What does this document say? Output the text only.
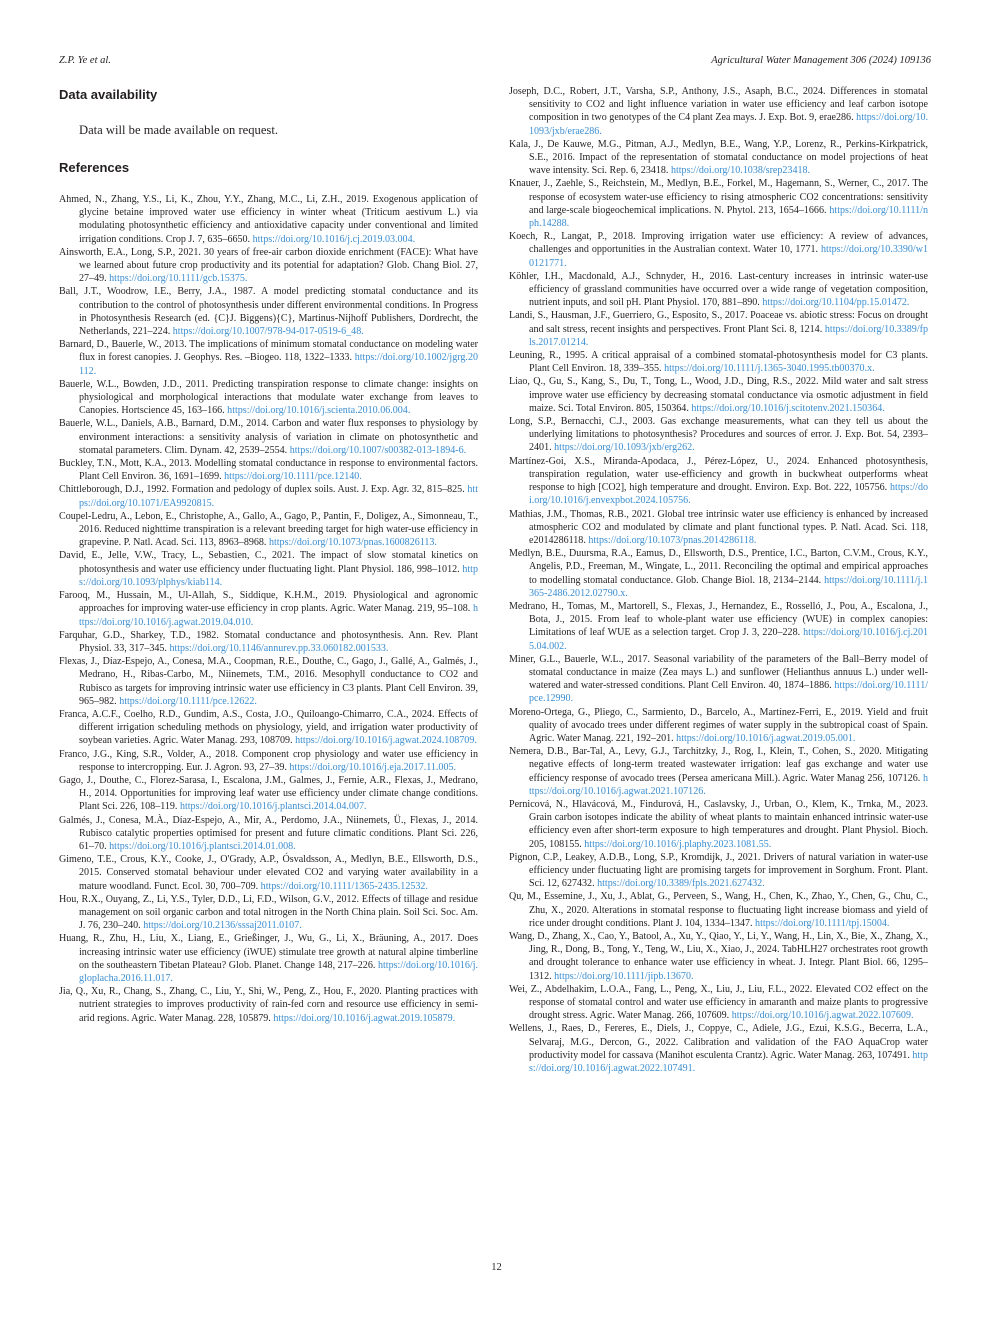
Z.P. Ye et al.	Agricultural Water Management 306 (2024) 109136
Data availability
Data will be made available on request.
References

Ahmed, N., Zhang, Y.S., Li, K., Zhou, Y.Y., Zhang, M.C., Li, Z.H., 2019. Exogenous application of glycine betaine improved water use efficiency in winter wheat (Triticum aestivum L.) via modulating photosynthetic efficiency and antioxidative capacity under conventional and limited irrigation conditions. Crop J. 7, 635–6650. https://doi.org/10.1016/j.cj.2019.03.004.

Ainsworth, E.A., Long, S.P., 2021. 30 years of free-air carbon dioxide enrichment (FACE): What have we learned about future crop productivity and its potential for adaptation? Glob. Chang Biol. 27, 27–49. https://doi.org/10.1111/gcb.15375.

Ball, J.T., Woodrow, I.E., Berry, J.A., 1987. A model predicting stomatal conductance and its contribution to the control of photosynthesis under different environmental conditions. In Progress in Photosynthesis Research (ed. {C}J. Biggens){C}, Martinus-Nijhoff Publishers, Dordrecht, the Netherlands, 221–224. https://doi.org/10.1007/978-94-017-0519-6_48.

Barnard, D., Bauerle, W., 2013. The implications of minimum stomatal conductance on modeling water flux in forest canopies. J. Geophys. Res. –Biogeo. 118, 1322–1333. https://doi.org/10.1002/jgrg.20112.

Bauerle, W.L., Bowden, J.D., 2011. Predicting transpiration response to climate change: insights on physiological and morphological interactions that modulate water exchange from leaves to Canopies. Hortscience 45, 163–166. https://doi.org/10.1016/j.scienta.2010.06.004.

Bauerle, W.L., Daniels, A.B., Barnard, D.M., 2014. Carbon and water flux responses to physiology by environment interactions: a sensitivity analysis of variation in climate on photosynthetic and stomatal parameters. Clim. Dynam. 42, 2539–2554. https://doi.org/10.1007/s00382-013-1894-6.

Buckley, T.N., Mott, K.A., 2013. Modelling stomatal conductance in response to environmental factors. Plant Cell Environ. 36, 1691–1699. https://doi.org/10.1111/pce.12140.

Chittleborough, D.J., 1992. Formation and pedology of duplex soils. Aust. J. Exp. Agr. 32, 815–825. https://doi.org/10.1071/EA9920815.

Coupel-Ledru, A., Lebon, E., Christophe, A., Gallo, A., Gago, P., Pantin, F., Doligez, A., Simonneau, T., 2016. Reduced nighttime transpiration is a relevant breeding target for high water-use efficiency in grapevine. P. Natl. Acad. Sci. 113, 8963–8968. https://doi.org/10.1073/pnas.1600826113.

David, E., Jelle, V.W., Tracy, L., Sebastien, C., 2021. The impact of slow stomatal kinetics on photosynthesis and water use efficiency under fluctuating light. Plant Physiol. 186, 998–1012. https://doi.org/10.1093/plphys/kiab114.

Farooq, M., Hussain, M., Ul-Allah, S., Siddique, K.H.M., 2019. Physiological and agronomic approaches for improving water-use efficiency in crop plants. Agric. Water Manag. 219, 95–108. https://doi.org/10.1016/j.agwat.2019.04.010.

Farquhar, G.D., Sharkey, T.D., 1982. Stomatal conductance and photosynthesis. Ann. Rev. Plant Physiol. 33, 317–345. https://doi.org/10.1146/annurev.pp.33.060182.001533.

Flexas, J., Díaz-Espejo, A., Conesa, M.A., Coopman, R.E., Douthe, C., Gago, J., Gallé, A., Galmés, J., Medrano, H., Ribas-Carbo, M., Niinemets, T.M., 2016. Mesophyll conductance to CO2 and Rubisco as targets for improving intrinsic water use efficiency in C3 plants. Plant Cell Environ. 39, 965–982. https://doi.org/10.1111/pce.12622.

Franca, A.C.F., Coelho, R.D., Gundim, A.S., Costa, J.O., Quiloango-Chimarro, C.A., 2024. Effects of different irrigation scheduling methods on physiology, yield, and irrigation water productivity of soybean varieties. Agric. Water Manag. 293, 108709. https://doi.org/10.1016/j.agwat.2024.108709.

Franco, J.G., King, S.R., Volder, A., 2018. Component crop physiology and water use efficiency in response to intercropping. Eur. J. Agron. 93, 27–39. https://doi.org/10.1016/j.eja.2017.11.005.

Gago, J., Douthe, C., Florez-Sarasa, I., Escalona, J.M., Galmes, J., Fernie, A.R., Flexas, J., Medrano, H., 2014. Opportunities for improving leaf water use efficiency under climate change conditions. Plant Sci. 226, 108–119. https://doi.org/10.1016/j.plantsci.2014.04.007.

Galmés, J., Conesa, M.À., Díaz-Espejo, A., Mir, A., Perdomo, J.A., Niinemets, Ü., Flexas, J., 2014. Rubisco catalytic properties optimised for present and future climatic conditions. Plant Sci. 226, 61–70. https://doi.org/10.1016/j.plantsci.2014.01.008.

Gimeno, T.E., Crous, K.Y., Cooke, J., O'Grady, A.P., Ósvaldsson, A., Medlyn, B.E., Ellsworth, D.S., 2015. Conserved stomatal behaviour under elevated CO2 and varying water availability in a mature woodland. Funct. Ecol. 30, 700–709. https://doi.org/10.1111/1365-2435.12532.

Hou, R.X., Ouyang, Z., Li, Y.S., Tyler, D.D., Li, F.D., Wilson, G.V., 2012. Effects of tillage and residue management on soil organic carbon and total nitrogen in the North China plain. Soil Sci. Soc. Am. J. 76, 230–240. https://doi.org/10.2136/sssaj2011.0107.

Huang, R., Zhu, H., Liu, X., Liang, E., Grießinger, J., Wu, G., Li, X., Bräuning, A., 2017. Does increasing intrinsic water use efficiency (iWUE) stimulate tree growth at natural alpine timberline on the southeastern Tibetan Plateau? Glob. Planet. Change 148, 217–226. https://doi.org/10.1016/j.gloplacha.2016.11.017.

Jia, Q., Xu, R., Chang, S., Zhang, C., Liu, Y., Shi, W., Peng, Z., Hou, F., 2020. Planting practices with nutrient strategies to improves productivity of rain-fed corn and resource use efficiency in semi-arid regions. Agric. Water Manag. 228, 105879. https://doi.org/10.1016/j.agwat.2019.105879.

Joseph, D.C., Robert, J.T., Varsha, S.P., Anthony, J.S., Asaph, B.C., 2024. Differences in stomatal sensitivity to CO2 and light influence variation in water use efficiency and leaf carbon isotope composition in two genotypes of the C4 plant Zea mays. J. Exp. Bot. 9, erae286. https://doi.org/10.1093/jxb/erae286.

Kala, J., De Kauwe, M.G., Pitman, A.J., Medlyn, B.E., Wang, Y.P., Lorenz, R., Perkins-Kirkpatrick, S.E., 2016. Impact of the representation of stomatal conductance on model projections of heat wave intensity. Sci. Rep. 6, 23418. https://doi.org/10.1038/srep23418.

Knauer, J., Zaehle, S., Reichstein, M., Medlyn, B.E., Forkel, M., Hagemann, S., Werner, C., 2017. The response of ecosystem water-use efficiency to rising atmospheric CO2 concentrations: sensitivity and large-scale biogeochemical implications. N. Phytol. 213, 1654–1666. https://doi.org/10.1111/nph.14288.

Koech, R., Langat, P., 2018. Improving irrigation water use efficiency: A review of advances, challenges and opportunities in the Australian context. Water 10, 1771. https://doi.org/10.3390/w10121771.

Köhler, I.H., Macdonald, A.J., Schnyder, H., 2016. Last-century increases in intrinsic water-use efficiency of grassland communities have occurred over a wide range of vegetation composition, nutrient inputs, and soil pH. Plant Physiol. 170, 881–890. https://doi.org/10.1104/pp.15.01472.

Landi, S., Hausman, J.F., Guerriero, G., Esposito, S., 2017. Poaceae vs. abiotic stress: Focus on drought and salt stress, recent insights and perspectives. Front Plant Sci. 8, 1214. https://doi.org/10.3389/fpls.2017.01214.

Leuning, R., 1995. A critical appraisal of a combined stomatal-photosynthesis model for C3 plants. Plant Cell Environ. 18, 339–355. https://doi.org/10.1111/j.1365-3040.1995.tb00370.x.

Liao, Q., Gu, S., Kang, S., Du, T., Tong, L., Wood, J.D., Ding, R.S., 2022. Mild water and salt stress improve water use efficiency by decreasing stomatal conductance via osmotic adjustment in field maize. Sci. Total Environ. 805, 150364. https://doi.org/10.1016/j.scitotenv.2021.150364.

Long, S.P., Bernacchi, C.J., 2003. Gas exchange measurements, what can they tell us about the underlying limitations to photosynthesis? Procedures and sources of error. J. Exp. Bot. 54, 2393–2401. https://doi.org/10.1093/jxb/erg262.

Martínez-Goi, X.S., Miranda-Apodaca, J., Pérez-López, U., 2024. Enhanced photosynthesis, transpiration regulation, water use-efficiency and growth in buckwheat outperforms wheat response to high [CO2], high temperature and drought. Environ. Exp. Bot. 222, 105756. https://doi.org/10.1016/j.envexpbot.2024.105756.

Mathias, J.M., Thomas, R.B., 2021. Global tree intrinsic water use efficiency is enhanced by increased atmospheric CO2 and modulated by climate and plant functional types. P. Natl. Acad. Sci. 118, e2014286118. https://doi.org/10.1073/pnas.2014286118.

Medlyn, B.E., Duursma, R.A., Eamus, D., Ellsworth, D.S., Prentice, I.C., Barton, C.V.M., Crous, K.Y., Angelis, P.D., Freeman, M., Wingate, L., 2011. Reconciling the optimal and empirical approaches to modelling stomatal conductance. Glob. Change Biol. 18, 2134–2144. https://doi.org/10.1111/j.1365-2486.2012.02790.x.

Medrano, H., Tomas, M., Martorell, S., Flexas, J., Hernandez, E., Rosselló, J., Pou, A., Escalona, J., Bota, J., 2015. From leaf to whole-plant water use efficiency (WUE) in complex canopies: Limitations of leaf WUE as a selection target. Crop J. 3, 220–228. https://doi.org/10.1016/j.cj.2015.04.002.

Miner, G.L., Bauerle, W.L., 2017. Seasonal variability of the parameters of the Ball–Berry model of stomatal conductance in maize (Zea mays L.) and sunflower (Helianthus annuus L.) under well-watered and water-stressed conditions. Plant Cell Environ. 40, 1874–1886. https://doi.org/10.1111/pce.12990.

Moreno-Ortega, G., Pliego, C., Sarmiento, D., Barcelo, A., Martínez-Ferri, E., 2019. Yield and fruit quality of avocado trees under different regimes of water supply in the subtropical coast of Spain. Agric. Water Manag. 221, 192–201. https://doi.org/10.1016/j.agwat.2019.05.001.

Nemera, D.B., Bar-Tal, A., Levy, G.J., Tarchitzky, J., Rog, I., Klein, T., Cohen, S., 2020. Mitigating negative effects of long-term treated wastewater irrigation: leaf gas exchange and water use efficiency response of avocado trees (Persea americana Mill.). Agric. Water Manag 256, 107126. https://doi.org/10.1016/j.agwat.2021.107126.

Pernicová, N., Hlavácová, M., Findurová, H., Caslavsky, J., Urban, O., Klem, K., Trnka, M., 2023. Grain carbon isotopes indicate the ability of wheat plants to maintain enhanced intrinsic water-use efficiency even after short-term exposure to high temperatures and drought. Plant Physiol. Bioch. 205, 108155. https://doi.org/10.1016/j.plaphy.2023.1081.55.

Pignon, C.P., Leakey, A.D.B., Long, S.P., Kromdijk, J., 2021. Drivers of natural variation in water-use efficiency under fluctuating light are promising targets for improvement in Sorghum. Front. Plant. Sci. 12, 627432. https://doi.org/10.3389/fpls.2021.627432.

Qu, M., Essemine, J., Xu, J., Ablat, G., Perveen, S., Wang, H., Chen, K., Zhao, Y., Chen, G., Chu, C., Zhu, X., 2020. Alterations in stomatal response to fluctuating light increase biomass and yield of rice under drought conditions. Plant J. 104, 1334–1347. https://doi.org/10.1111/tpj.15004.

Wang, D., Zhang, X., Cao, Y., Batool, A., Xu, Y., Qiao, Y., Li, Y., Wang, H., Lin, X., Bie, X., Zhang, X., Jing, R., Dong, B., Tong, Y., Teng, W., Liu, X., Xiao, J., 2024. TabHLH27 orchestrates root growth and drought tolerance to enhance water use efficiency in wheat. J. Integr. Plant Biol. 66, 1295–1312. https://doi.org/10.1111/jipb.13670.

Wei, Z., Abdelhakim, L.O.A., Fang, L., Peng, X., Liu, J., Liu, F.L., 2022. Elevated CO2 effect on the response of stomatal control and water use efficiency in amaranth and maize plants to progressive drought stress. Agric. Water Manag. 266, 107609. https://doi.org/10.1016/j.agwat.2022.107609.

Wellens, J., Raes, D., Fereres, E., Diels, J., Coppye, C., Adiele, J.G., Ezui, K.S.G., Becerra, L.A., Selvaraj, M.G., Dercon, G., 2022. Calibration and validation of the FAO AquaCrop water productivity model for cassava (Manihot esculenta Crantz). Agric. Water Manag. 263, 107491. https://doi.org/10.1016/j.agwat.2022.107491.

12
